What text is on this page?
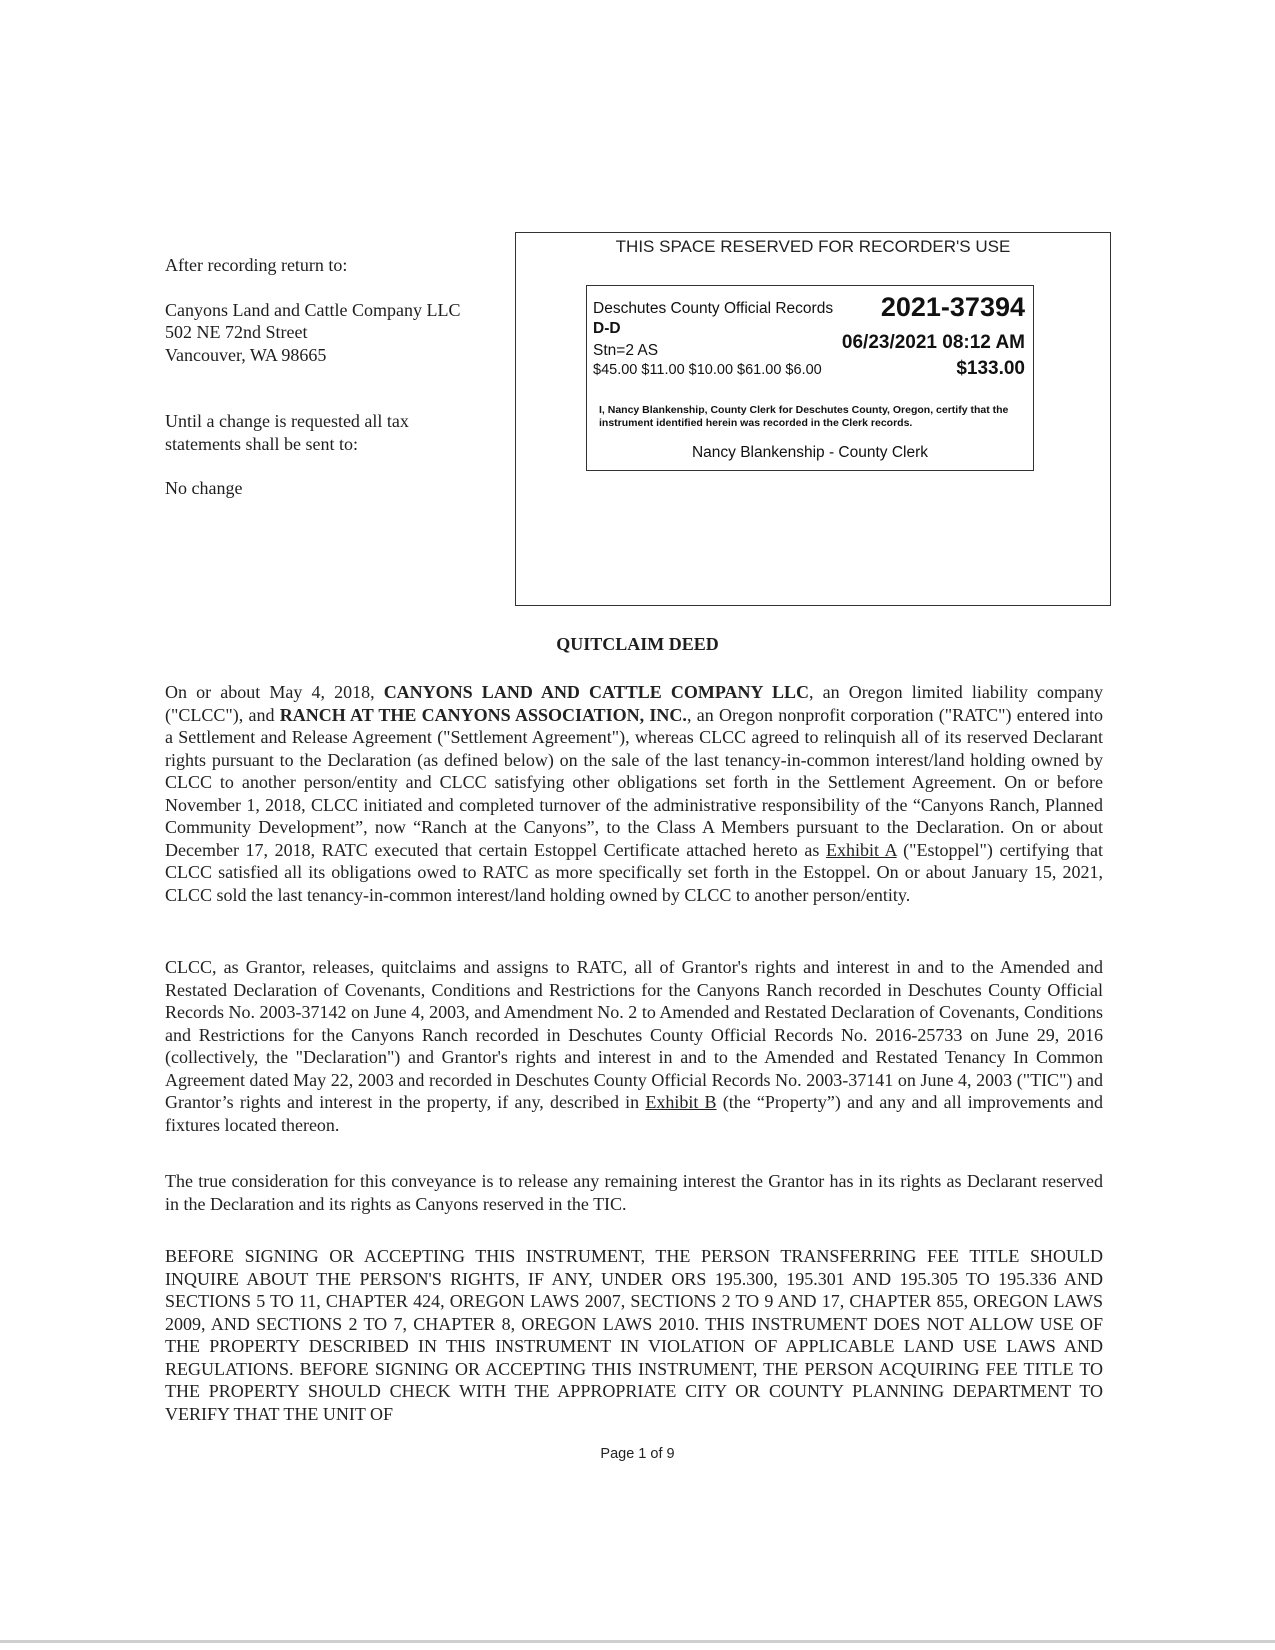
After recording return to:

Canyons Land and Cattle Company LLC
502 NE 72nd Street
Vancouver, WA 98665

Until a change is requested all tax
statements shall be sent to:

No change

THIS SPACE RESERVED FOR RECORDER'S USE
Deschutes County Official Records 2021-37394
D-D
Stn=2 AS	06/23/2021 08:12 AM
$45.00 $11.00 $10.00 $61.00 $6.00	$133.00
I, Nancy Blankenship, County Clerk for Deschutes County, Oregon, certify that the instrument identified herein was recorded in the Clerk records.
Nancy Blankenship - County Clerk
QUITCLAIM DEED

On or about May 4, 2018, CANYONS LAND AND CATTLE COMPANY LLC, an Oregon limited liability company ("CLCC"), and RANCH AT THE CANYONS ASSOCIATION, INC., an Oregon nonprofit corporation ("RATC") entered into a Settlement and Release Agreement ("Settlement Agreement"), whereas CLCC agreed to relinquish all of its reserved Declarant rights pursuant to the Declaration (as defined below) on the sale of the last tenancy-in-common interest/land holding owned by CLCC to another person/entity and CLCC satisfying other obligations set forth in the Settlement Agreement. On or before November 1, 2018, CLCC initiated and completed turnover of the administrative responsibility of the “Canyons Ranch, Planned Community Development”, now “Ranch at the Canyons”, to the Class A Members pursuant to the Declaration. On or about December 17, 2018, RATC executed that certain Estoppel Certificate attached hereto as Exhibit A ("Estoppel") certifying that CLCC satisfied all its obligations owed to RATC as more specifically set forth in the Estoppel. On or about January 15, 2021, CLCC sold the last tenancy-in-common interest/land holding owned by CLCC to another person/entity.

CLCC, as Grantor, releases, quitclaims and assigns to RATC, all of Grantor's rights and interest in and to the Amended and Restated Declaration of Covenants, Conditions and Restrictions for the Canyons Ranch recorded in Deschutes County Official Records No. 2003-37142 on June 4, 2003, and Amendment No. 2 to Amended and Restated Declaration of Covenants, Conditions and Restrictions for the Canyons Ranch recorded in Deschutes County Official Records No. 2016-25733 on June 29, 2016 (collectively, the "Declaration") and Grantor's rights and interest in and to the Amended and Restated Tenancy In Common Agreement dated May 22, 2003 and recorded in Deschutes County Official Records No. 2003-37141 on June 4, 2003 ("TIC") and Grantor’s rights and interest in the property, if any, described in Exhibit B (the “Property”) and any and all improvements and fixtures located thereon.

The true consideration for this conveyance is to release any remaining interest the Grantor has in its rights as Declarant reserved in the Declaration and its rights as Canyons reserved in the TIC.

BEFORE SIGNING OR ACCEPTING THIS INSTRUMENT, THE PERSON TRANSFERRING FEE TITLE SHOULD INQUIRE ABOUT THE PERSON'S RIGHTS, IF ANY, UNDER ORS 195.300, 195.301 AND 195.305 TO 195.336 AND SECTIONS 5 TO 11, CHAPTER 424, OREGON LAWS 2007, SECTIONS 2 TO 9 AND 17, CHAPTER 855, OREGON LAWS 2009, AND SECTIONS 2 TO 7, CHAPTER 8, OREGON LAWS 2010. THIS INSTRUMENT DOES NOT ALLOW USE OF THE PROPERTY DESCRIBED IN THIS INSTRUMENT IN VIOLATION OF APPLICABLE LAND USE LAWS AND REGULATIONS. BEFORE SIGNING OR ACCEPTING THIS INSTRUMENT, THE PERSON ACQUIRING FEE TITLE TO THE PROPERTY SHOULD CHECK WITH THE APPROPRIATE CITY OR COUNTY PLANNING DEPARTMENT TO VERIFY THAT THE UNIT OF

Page 1 of 9
